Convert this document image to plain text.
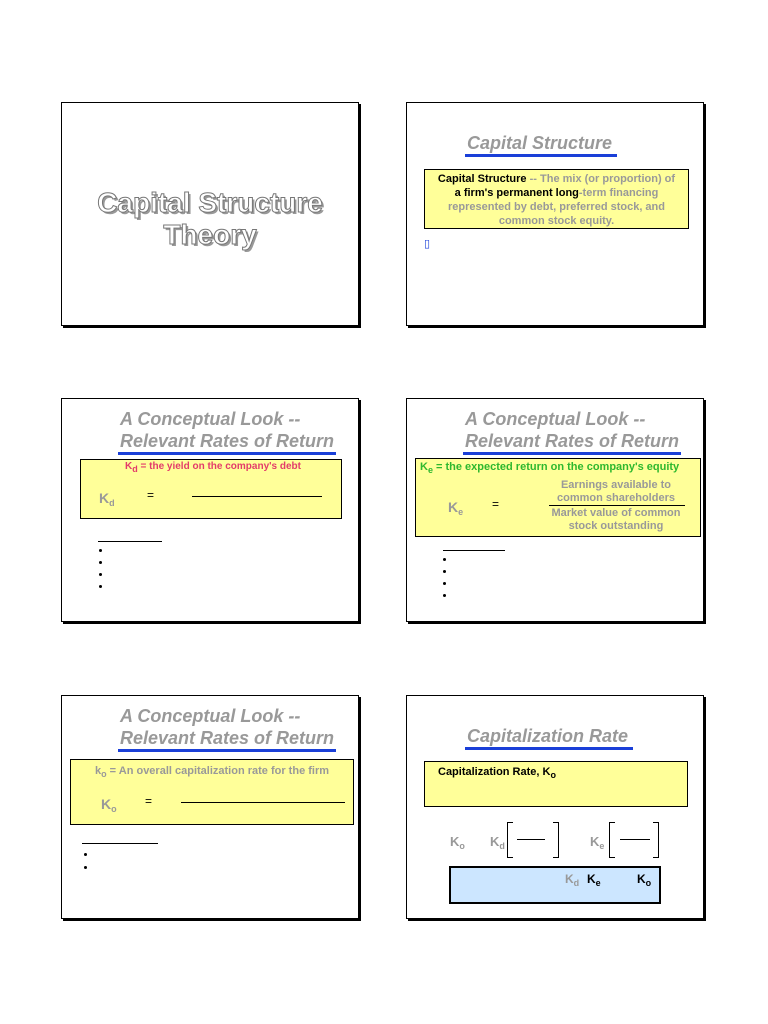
Capital Structure
Theory
Capital Structure
Capital Structure -- The mix (or proportion) of
a firm's permanent long-term financing
represented by debt, preferred stock, and
common stock equity.
▯
A Conceptual Look --
Relevant Rates of Return
Kd = the yield on the company's debt
$K_d$
=
A Conceptual Look --
Relevant Rates of Return
$K_e$ = the expected return on the company's equity
$K_e$
=
Earnings available to
common shareholders
Market value of common
stock outstanding
A Conceptual Look --
Relevant Rates of Return
$k_o = An$ overall capitalization rate for the firm
$K_o$
=
Capitalization Rate
Capitalization Rate, $K_o$
$K_o$ $K_d$	$K_e$
$K_d$ $K_e$	$K_o$
